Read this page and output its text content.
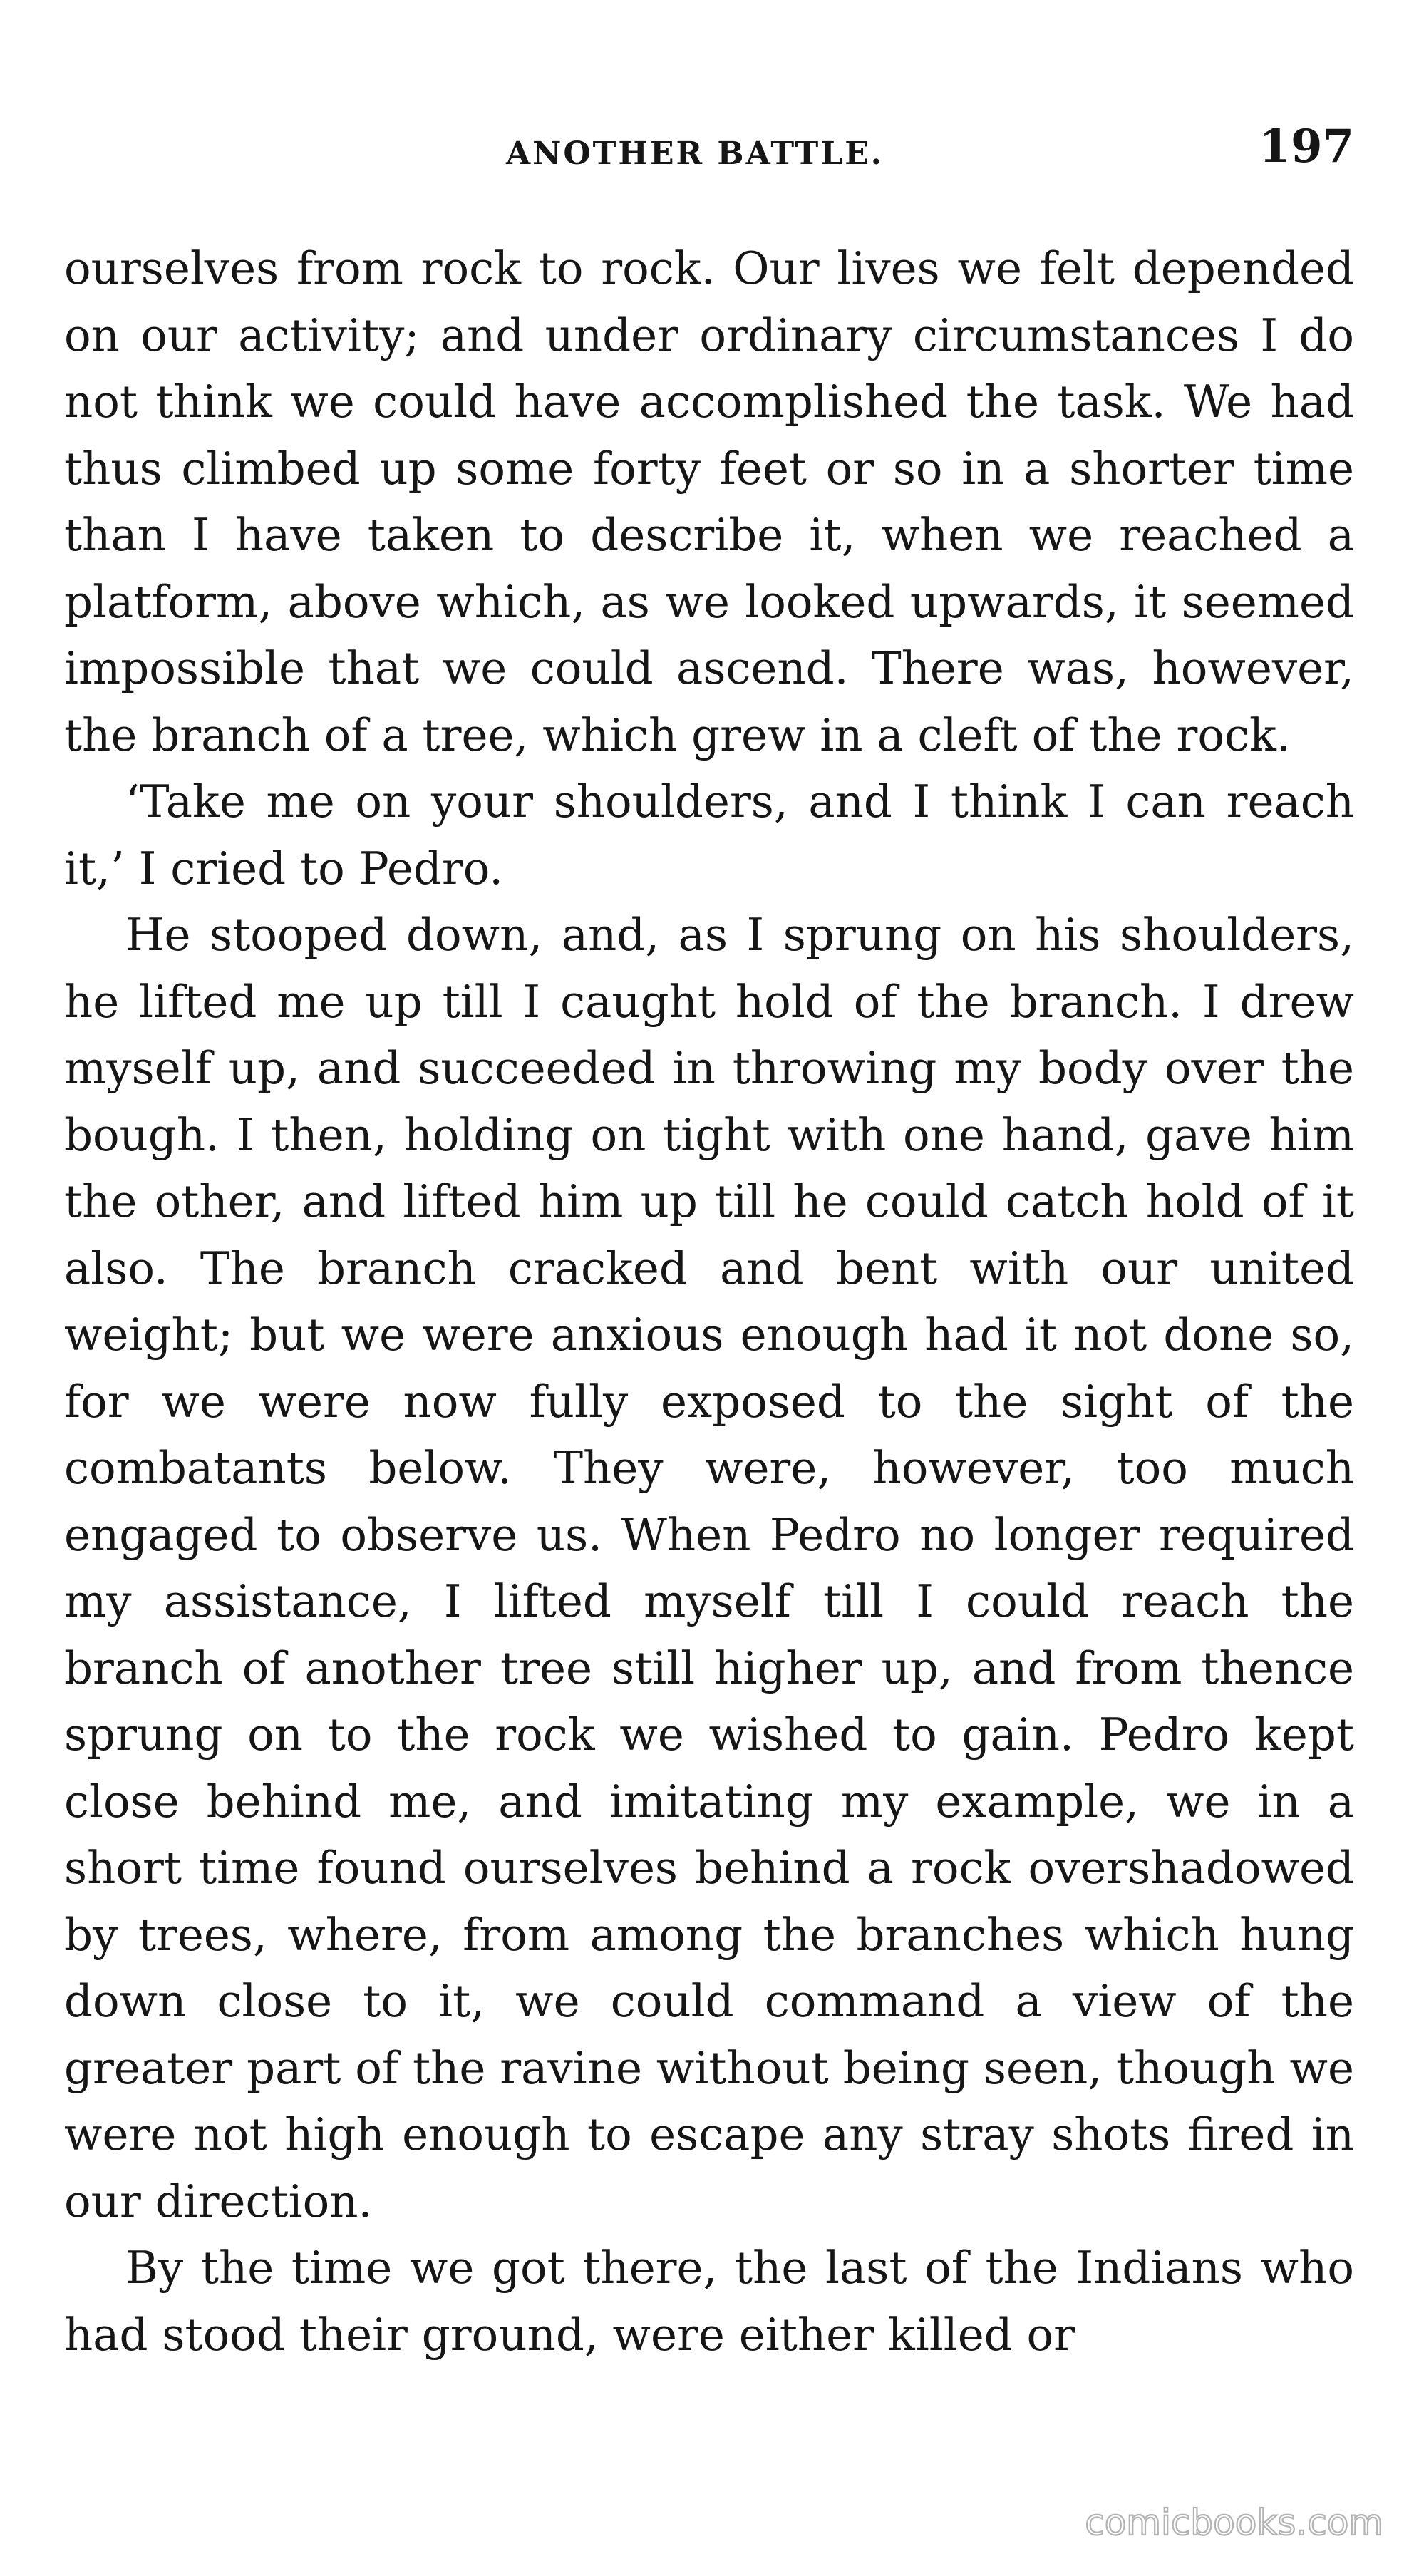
ANOTHER BATTLE.	197

ourselves from rock to rock. Our lives we felt depended on our activity; and under ordinary circumstances I do not think we could have accomplished the task. We had thus climbed up some forty feet or so in a shorter time than I have taken to describe it, when we reached a platform, above which, as we looked upwards, it seemed impossible that we could ascend. There was, however, the branch of a tree, which grew in a cleft of the rock.

‘Take me on your shoulders, and I think I can reach it,’ I cried to Pedro.

He stooped down, and, as I sprung on his shoulders, he lifted me up till I caught hold of the branch. I drew myself up, and succeeded in throwing my body over the bough. I then, holding on tight with one hand, gave him the other, and lifted him up till he could catch hold of it also. The branch cracked and bent with our united weight; but we were anxious enough had it not done so, for we were now fully exposed to the sight of the combatants below. They were, however, too much engaged to observe us. When Pedro no longer required my assistance, I lifted myself till I could reach the branch of another tree still higher up, and from thence sprung on to the rock we wished to gain. Pedro kept close behind me, and imitating my example, we in a short time found ourselves behind a rock overshadowed by trees, where, from among the branches which hung down close to it, we could command a view of the greater part of the ravine without being seen, though we were not high enough to escape any stray shots fired in our direction.

By the time we got there, the last of the Indians who had stood their ground, were either killed or

comicbooks.com
